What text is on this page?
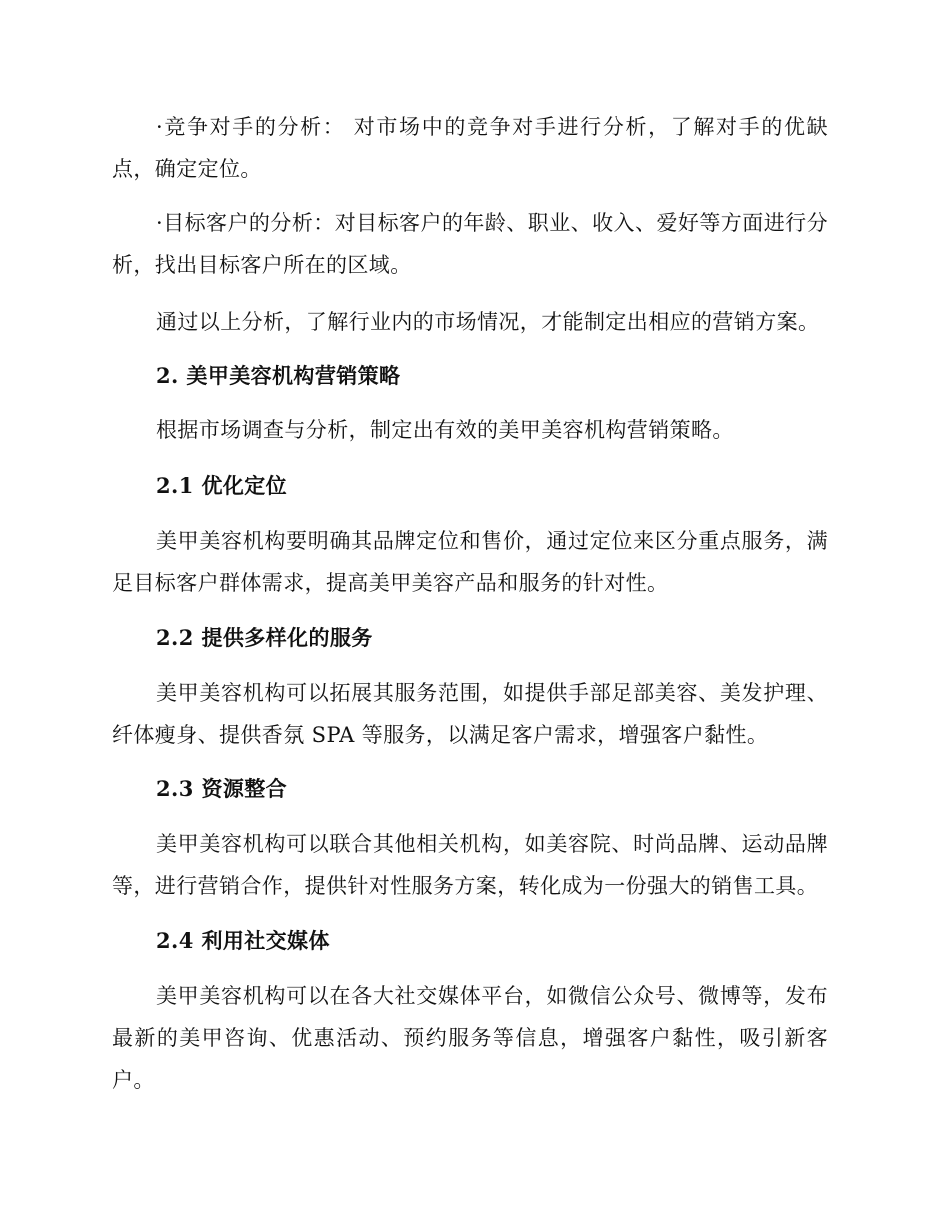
·竞争对手的分析： 对市场中的竞争对手进行分析，了解对手的优缺点，确定定位。

·目标客户的分析：对目标客户的年龄、职业、收入、爱好等方面进行分析，找出目标客户所在的区域。

通过以上分析，了解行业内的市场情况，才能制定出相应的营销方案。

2. 美甲美容机构营销策略

根据市场调查与分析，制定出有效的美甲美容机构营销策略。

2.1 优化定位

美甲美容机构要明确其品牌定位和售价，通过定位来区分重点服务，满足目标客户群体需求，提高美甲美容产品和服务的针对性。

2.2 提供多样化的服务

美甲美容机构可以拓展其服务范围，如提供手部足部美容、美发护理、纤体瘦身、提供香氛 SPA 等服务，以满足客户需求，增强客户黏性。

2.3 资源整合

美甲美容机构可以联合其他相关机构，如美容院、时尚品牌、运动品牌等，进行营销合作，提供针对性服务方案，转化成为一份强大的销售工具。

2.4 利用社交媒体

美甲美容机构可以在各大社交媒体平台，如微信公众号、微博等，发布最新的美甲咨询、优惠活动、预约服务等信息，增强客户黏性，吸引新客户。
